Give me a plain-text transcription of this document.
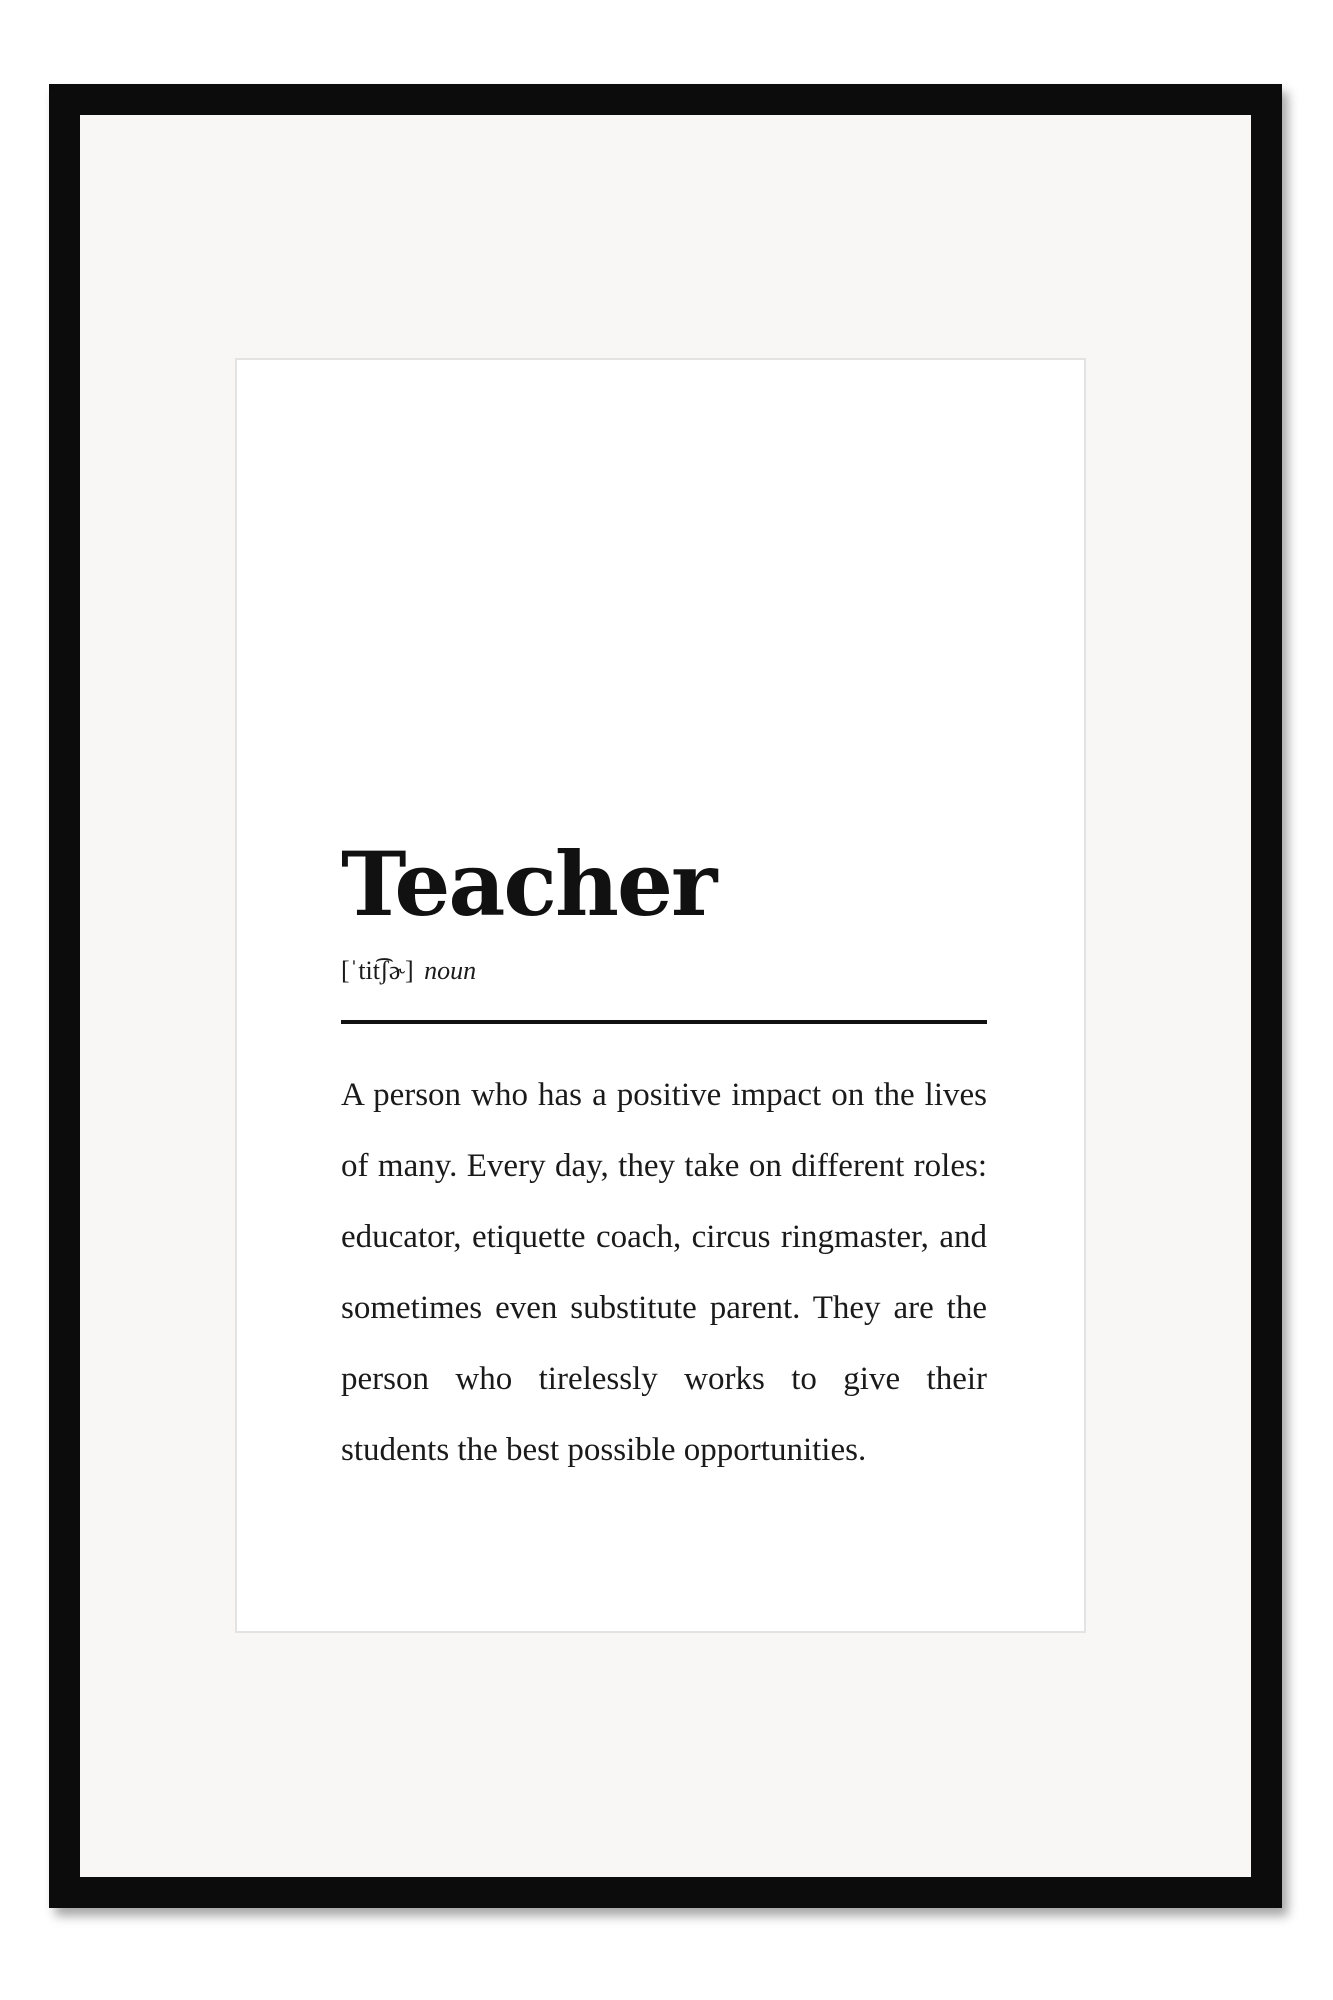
Teacher
[ˈtit͡ʃɚ] noun

A person who has a positive impact on the lives of many. Every day, they take on different roles: educator, etiquette coach, circus ringmaster, and sometimes even substitute parent. They are the person who tirelessly works to give their students the best possible opportunities.
